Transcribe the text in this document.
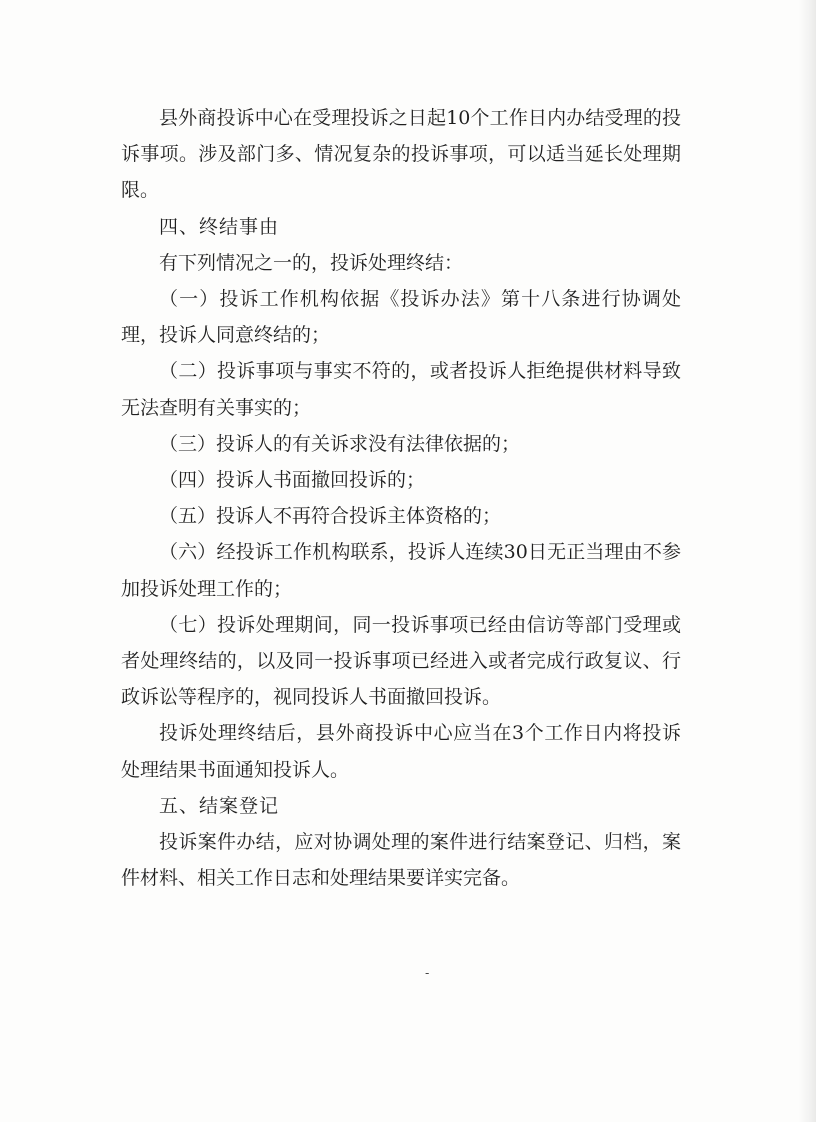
县外商投诉中心在受理投诉之日起10个工作日内办结受理的投诉事项。涉及部门多、情况复杂的投诉事项，可以适当延长处理期限。

四、终结事由

有下列情况之一的，投诉处理终结：

（一）投诉工作机构依据《投诉办法》第十八条进行协调处理，投诉人同意终结的；

（二）投诉事项与事实不符的，或者投诉人拒绝提供材料导致无法查明有关事实的；

（三）投诉人的有关诉求没有法律依据的；

（四）投诉人书面撤回投诉的；

（五）投诉人不再符合投诉主体资格的；

（六）经投诉工作机构联系，投诉人连续30日无正当理由不参加投诉处理工作的；

（七）投诉处理期间，同一投诉事项已经由信访等部门受理或者处理终结的，以及同一投诉事项已经进入或者完成行政复议、行政诉讼等程序的，视同投诉人书面撤回投诉。

投诉处理终结后，县外商投诉中心应当在3个工作日内将投诉处理结果书面通知投诉人。

五、结案登记

投诉案件办结，应对协调处理的案件进行结案登记、归档，案件材料、相关工作日志和处理结果要详实完备。

-
